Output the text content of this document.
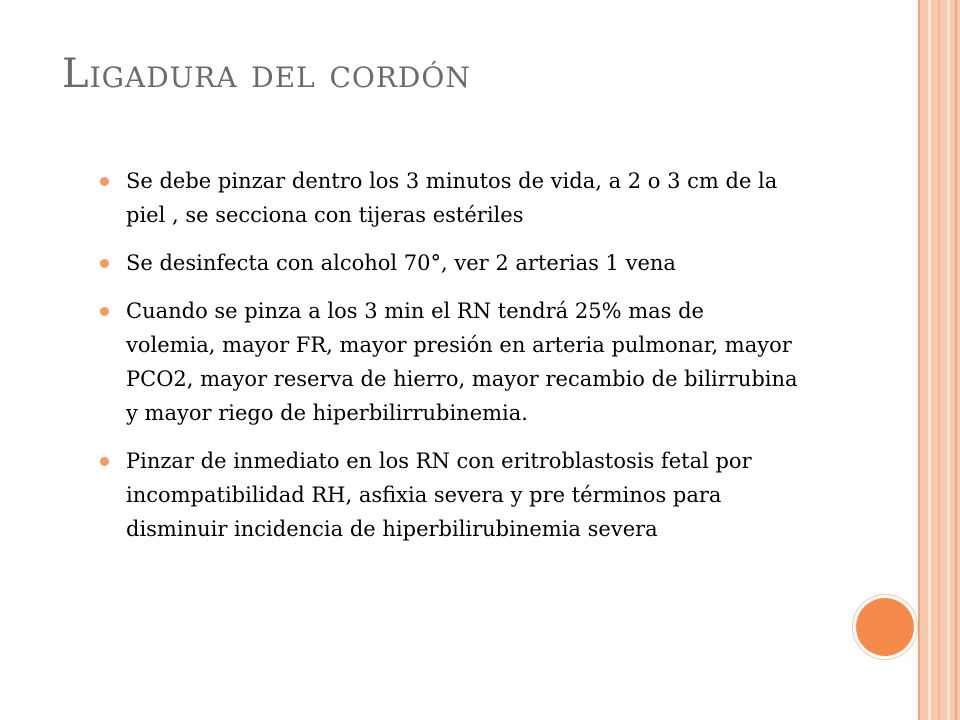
Ligadura del cordón
Se debe pinzar dentro los 3 minutos de vida, a 2 o 3 cm de la piel , se secciona con tijeras estériles
Se desinfecta con alcohol 70°, ver 2 arterias 1 vena
Cuando se pinza a los 3 min el RN tendrá 25% mas de volemia, mayor FR, mayor presión en arteria pulmonar, mayor PCO2, mayor reserva de hierro, mayor recambio de bilirrubina y mayor riego de hiperbilirrubinemia.
Pinzar de inmediato en los RN con eritroblastosis fetal por incompatibilidad RH, asfixia severa y pre términos para disminuir incidencia de hiperbilirubinemia severa
